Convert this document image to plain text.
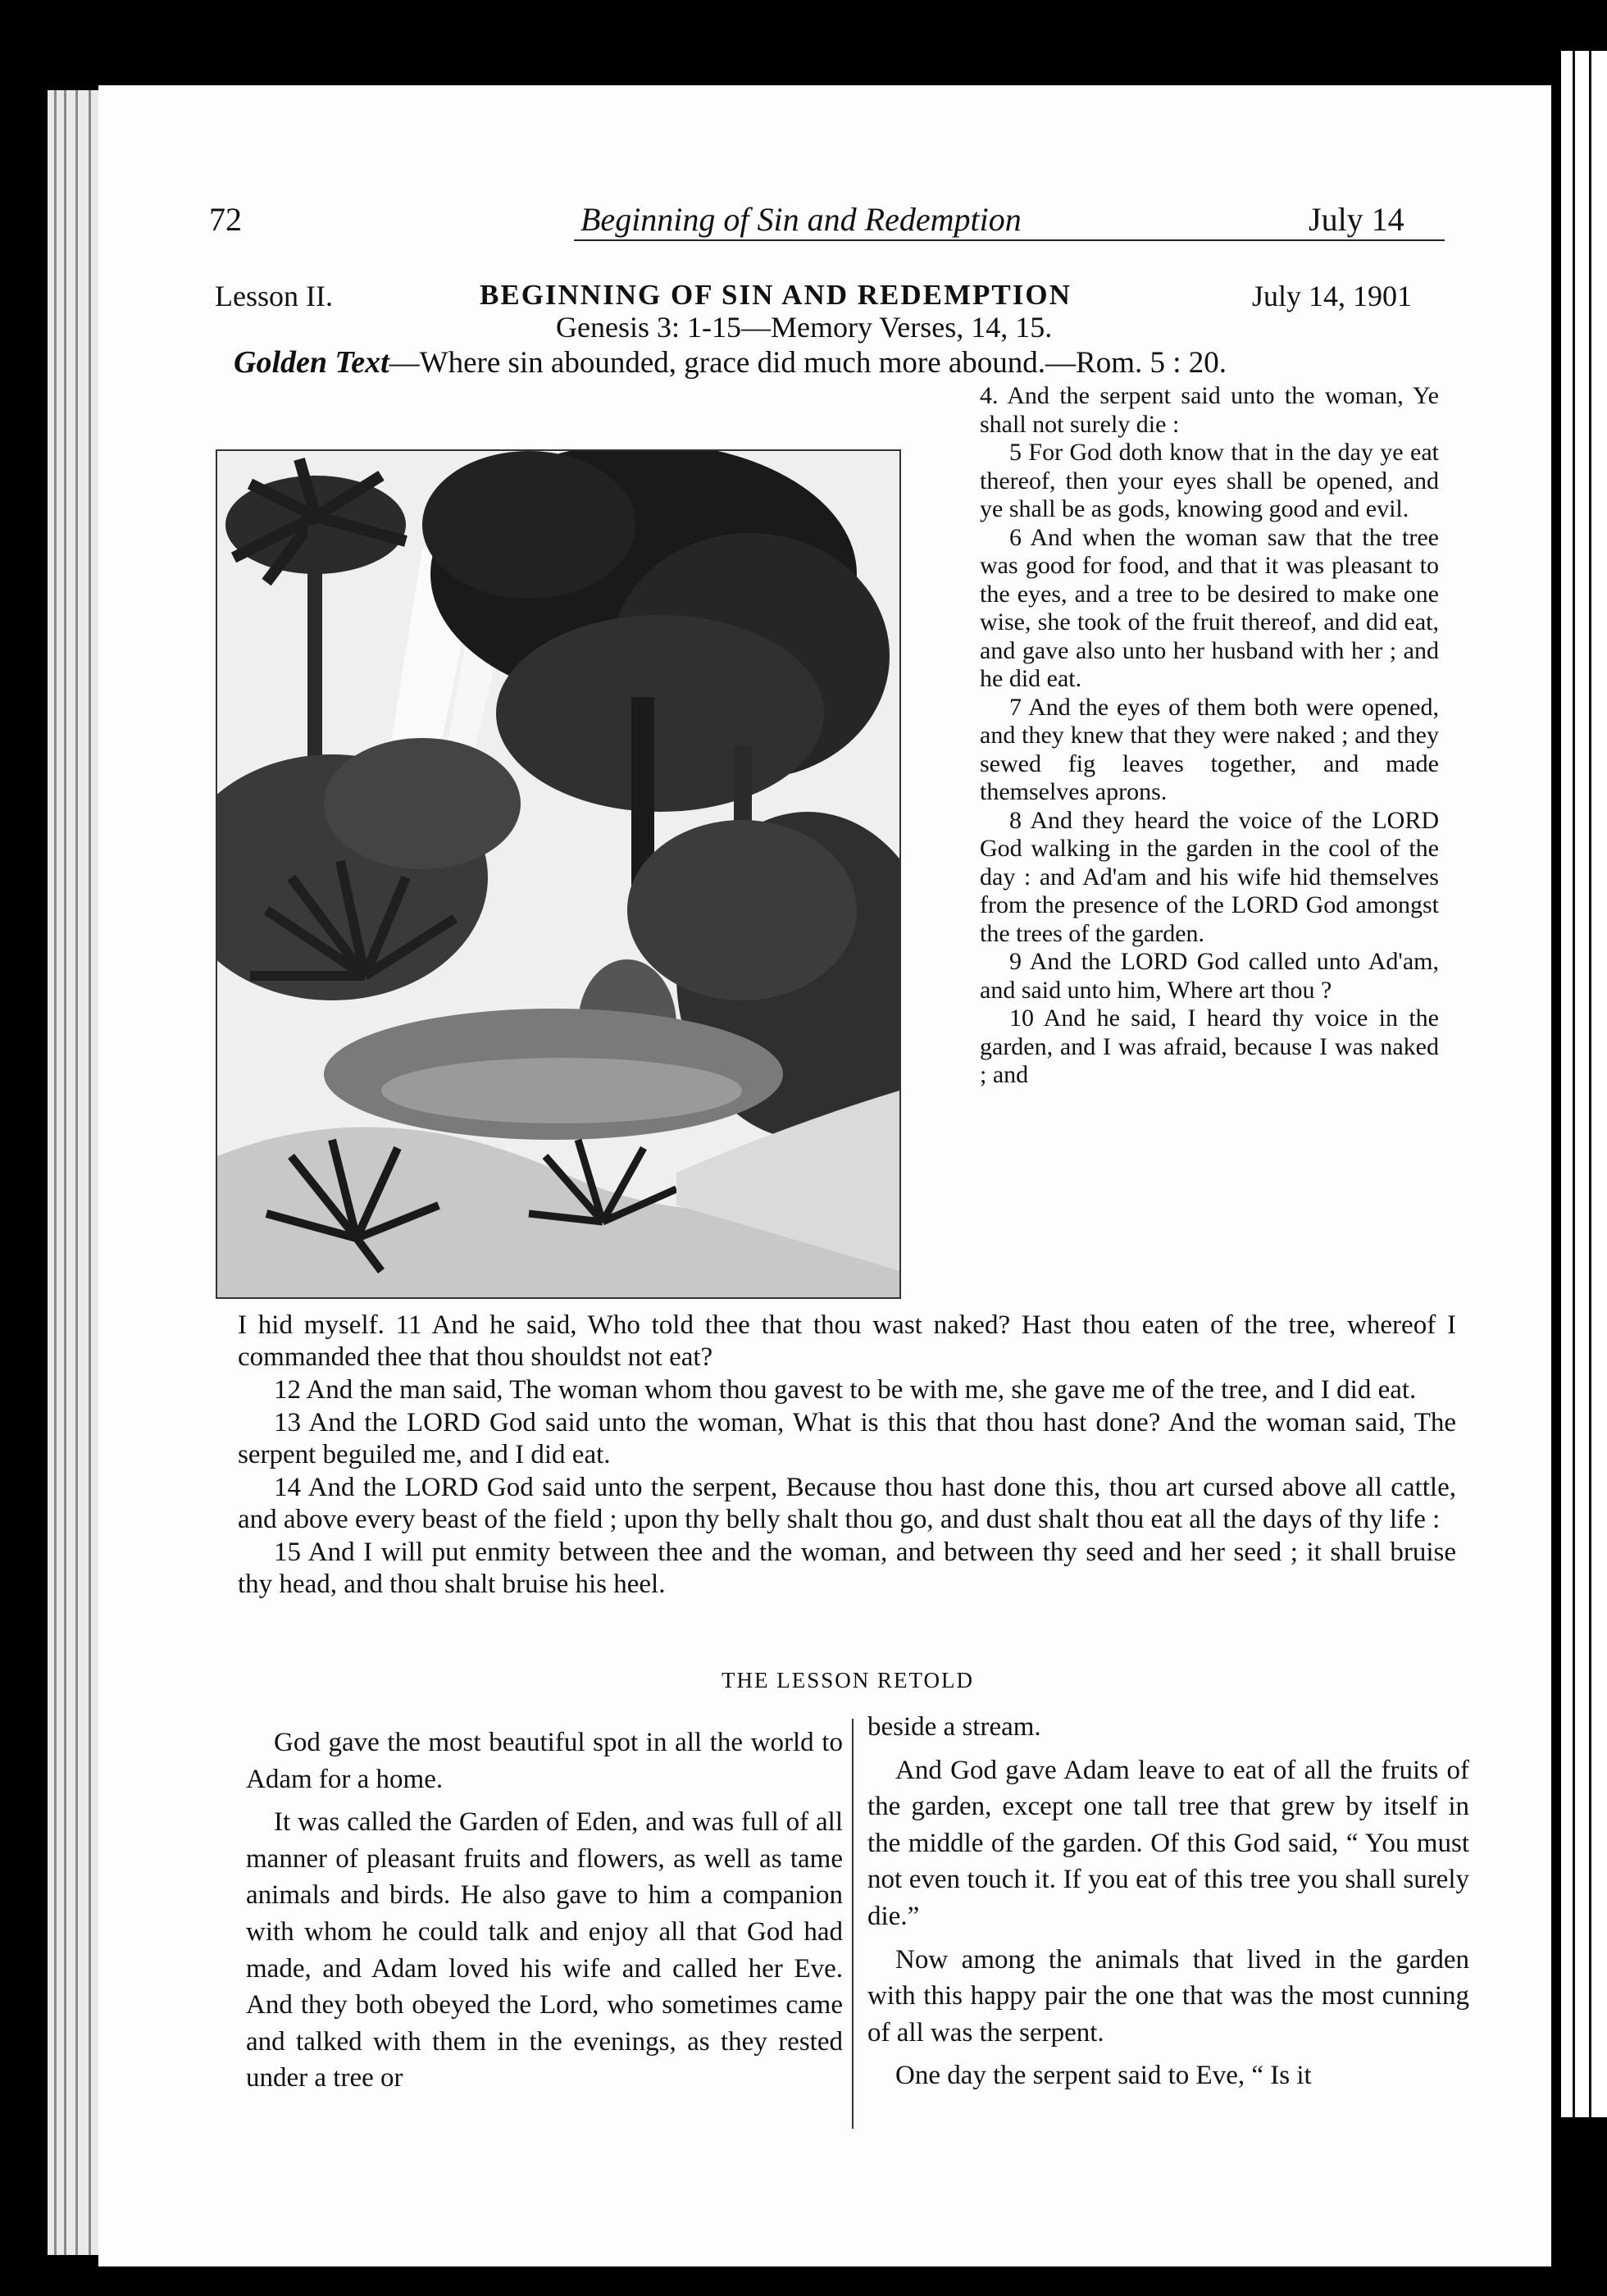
72	Beginning of Sin and Redemption	July 14
Lesson II.	BEGINNING OF SIN AND REDEMPTION	July 14, 1901
Genesis 3: 1-15—Memory Verses, 14, 15.
Golden Text—Where sin abounded, grace did much more abound.—Rom. 5 : 20.

4. And the serpent said unto the woman, Ye shall not surely die :

5 For God doth know that in the day ye eat thereof, then your eyes shall be opened, and ye shall be as gods, knowing good and evil.

6 And when the woman saw that the tree was good for food, and that it was pleasant to the eyes, and a tree to be desired to make one wise, she took of the fruit thereof, and did eat, and gave also unto her husband with her ; and he did eat.

7 And the eyes of them both were opened, and they knew that they were naked ; and they sewed fig leaves together, and made themselves aprons.

8 And they heard the voice of the LORD God walking in the garden in the cool of the day : and Ad'am and his wife hid themselves from the presence of the LORD God amongst the trees of the garden.

9 And the LORD God called unto Ad'am, and said unto him, Where art thou ?

10 And he said, I heard thy voice in the garden, and I was afraid, because I was naked ; and

I hid myself. 11 And he said, Who told thee that thou wast naked? Hast thou eaten of the tree, whereof I commanded thee that thou shouldst not eat?

12 And the man said, The woman whom thou gavest to be with me, she gave me of the tree, and I did eat.

13 And the LORD God said unto the woman, What is this that thou hast done? And the woman said, The serpent beguiled me, and I did eat.

14 And the LORD God said unto the serpent, Because thou hast done this, thou art cursed above all cattle, and above every beast of the field ; upon thy belly shalt thou go, and dust shalt thou eat all the days of thy life :

15 And I will put enmity between thee and the woman, and between thy seed and her seed ; it shall bruise thy head, and thou shalt bruise his heel.

THE LESSON RETOLD

God gave the most beautiful spot in all the world to Adam for a home.

It was called the Garden of Eden, and was full of all manner of pleasant fruits and flowers, as well as tame animals and birds. He also gave to him a companion with whom he could talk and enjoy all that God had made, and Adam loved his wife and called her Eve. And they both obeyed the Lord, who sometimes came and talked with them in the evenings, as they rested under a tree or

beside a stream.

And God gave Adam leave to eat of all the fruits of the garden, except one tall tree that grew by itself in the middle of the garden. Of this God said, “ You must not even touch it. If you eat of this tree you shall surely die.”

Now among the animals that lived in the garden with this happy pair the one that was the most cunning of all was the serpent.

One day the serpent said to Eve, “ Is it
